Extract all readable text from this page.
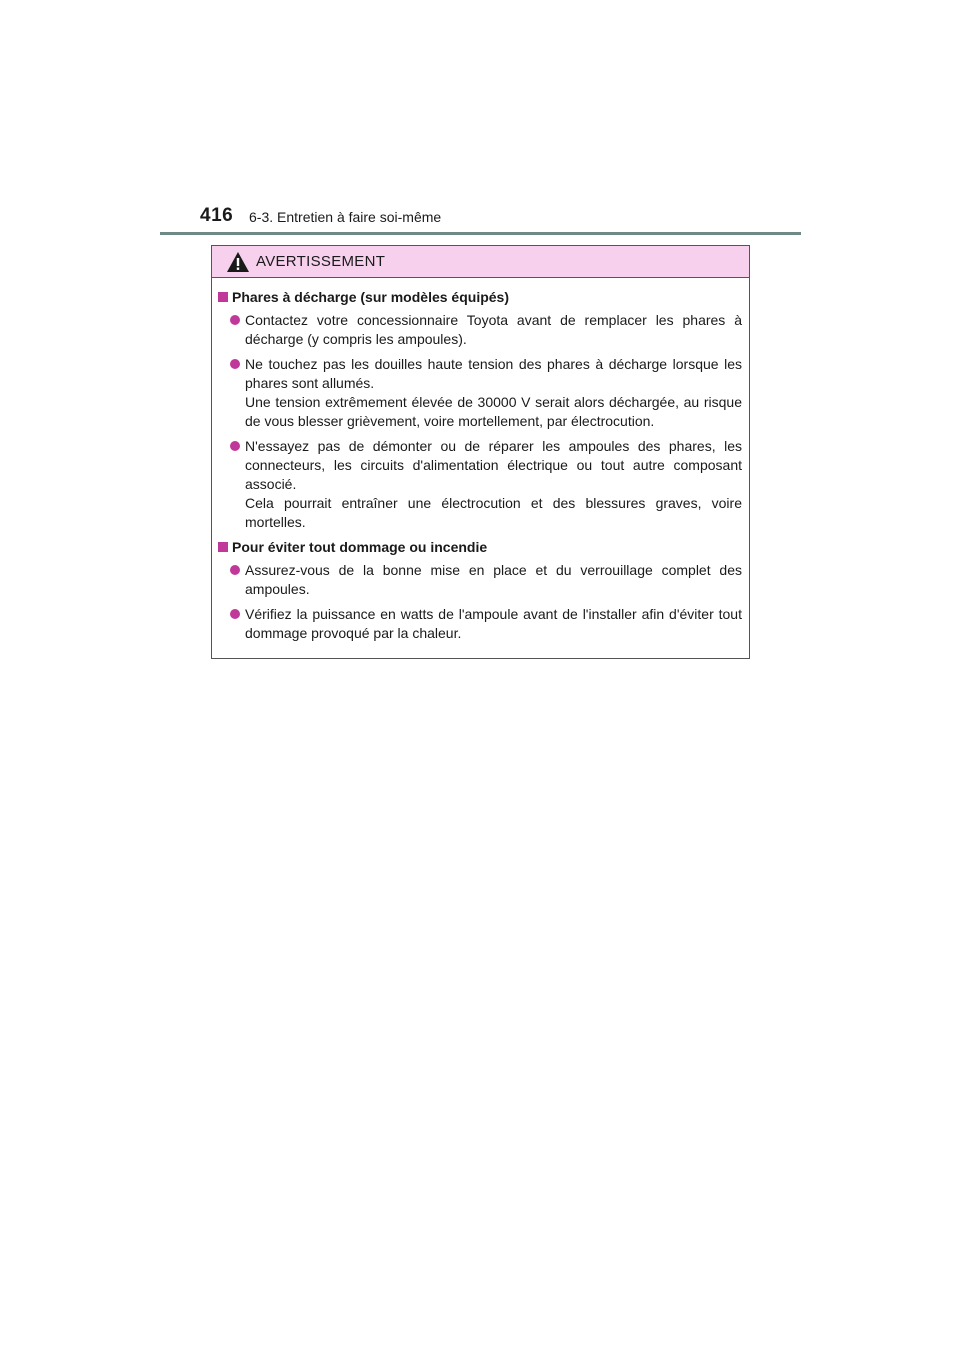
416 6-3. Entretien à faire soi-même
AVERTISSEMENT
Phares à décharge (sur modèles équipés)

Contactez votre concessionnaire Toyota avant de remplacer les phares à décharge (y compris les ampoules).

Ne touchez pas les douilles haute tension des phares à décharge lorsque les phares sont allumés.

Une tension extrêmement élevée de 30000 V serait alors déchargée, au risque de vous blesser grièvement, voire mortellement, par électrocution.

N'essayez pas de démonter ou de réparer les ampoules des phares, les connecteurs, les circuits d'alimentation électrique ou tout autre composant associé.

Cela pourrait entraîner une électrocution et des blessures graves, voire mortelles.

Pour éviter tout dommage ou incendie

Assurez-vous de la bonne mise en place et du verrouillage complet des ampoules.

Vérifiez la puissance en watts de l'ampoule avant de l'installer afin d'éviter tout dommage provoqué par la chaleur.
